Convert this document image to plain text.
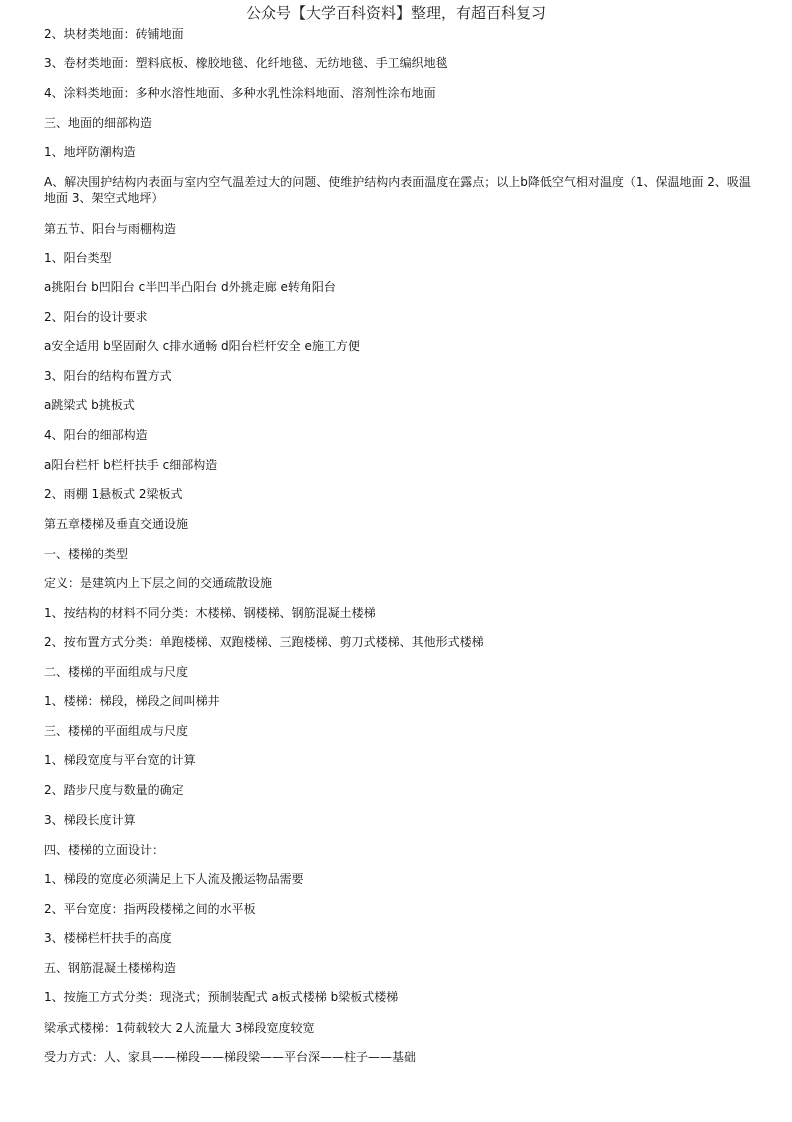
公众号【大学百科资料】整理，有超百科复习
2、块材类地面：砖铺地面
3、卷材类地面：塑料底板、橡胶地毯、化纤地毯、无纺地毯、手工编织地毯
4、涂料类地面：多种水溶性地面、多种水乳性涂料地面、溶剂性涂布地面
三、地面的细部构造
1、地坪防潮构造
A、解决围护结构内表面与室内空气温差过大的问题、使维护结构内表面温度在露点；以上b降低空气相对温度（1、保温地面 2、吸温地面 3、架空式地坪）
第五节、阳台与雨棚构造
1、阳台类型
a挑阳台 b凹阳台 c半凹半凸阳台 d外挑走廊 e转角阳台
2、阳台的设计要求
a安全适用 b坚固耐久 c排水通畅 d阳台栏杆安全 e施工方便
3、阳台的结构布置方式
a跳梁式 b挑板式
4、阳台的细部构造
a阳台栏杆 b栏杆扶手 c细部构造
2、雨棚 1悬板式 2梁板式
第五章楼梯及垂直交通设施
一、楼梯的类型
定义：是建筑内上下层之间的交通疏散设施
1、按结构的材料不同分类：木楼梯、钢楼梯、钢筋混凝土楼梯
2、按布置方式分类：单跑楼梯、双跑楼梯、三跑楼梯、剪刀式楼梯、其他形式楼梯
二、楼梯的平面组成与尺度
1、楼梯：梯段，梯段之间叫梯井
三、楼梯的平面组成与尺度
1、梯段宽度与平台宽的计算
2、踏步尺度与数量的确定
3、梯段长度计算
四、楼梯的立面设计：
1、梯段的宽度必须满足上下人流及搬运物品需要
2、平台宽度：指两段楼梯之间的水平板
3、楼梯栏杆扶手的高度
五、钢筋混凝土楼梯构造
1、按施工方式分类：现浇式；预制装配式 a板式楼梯 b梁板式楼梯
梁承式楼梯：1荷载较大 2人流量大 3梯段宽度较宽
受力方式：人、家具——梯段——梯段梁——平台深——柱子——基础
